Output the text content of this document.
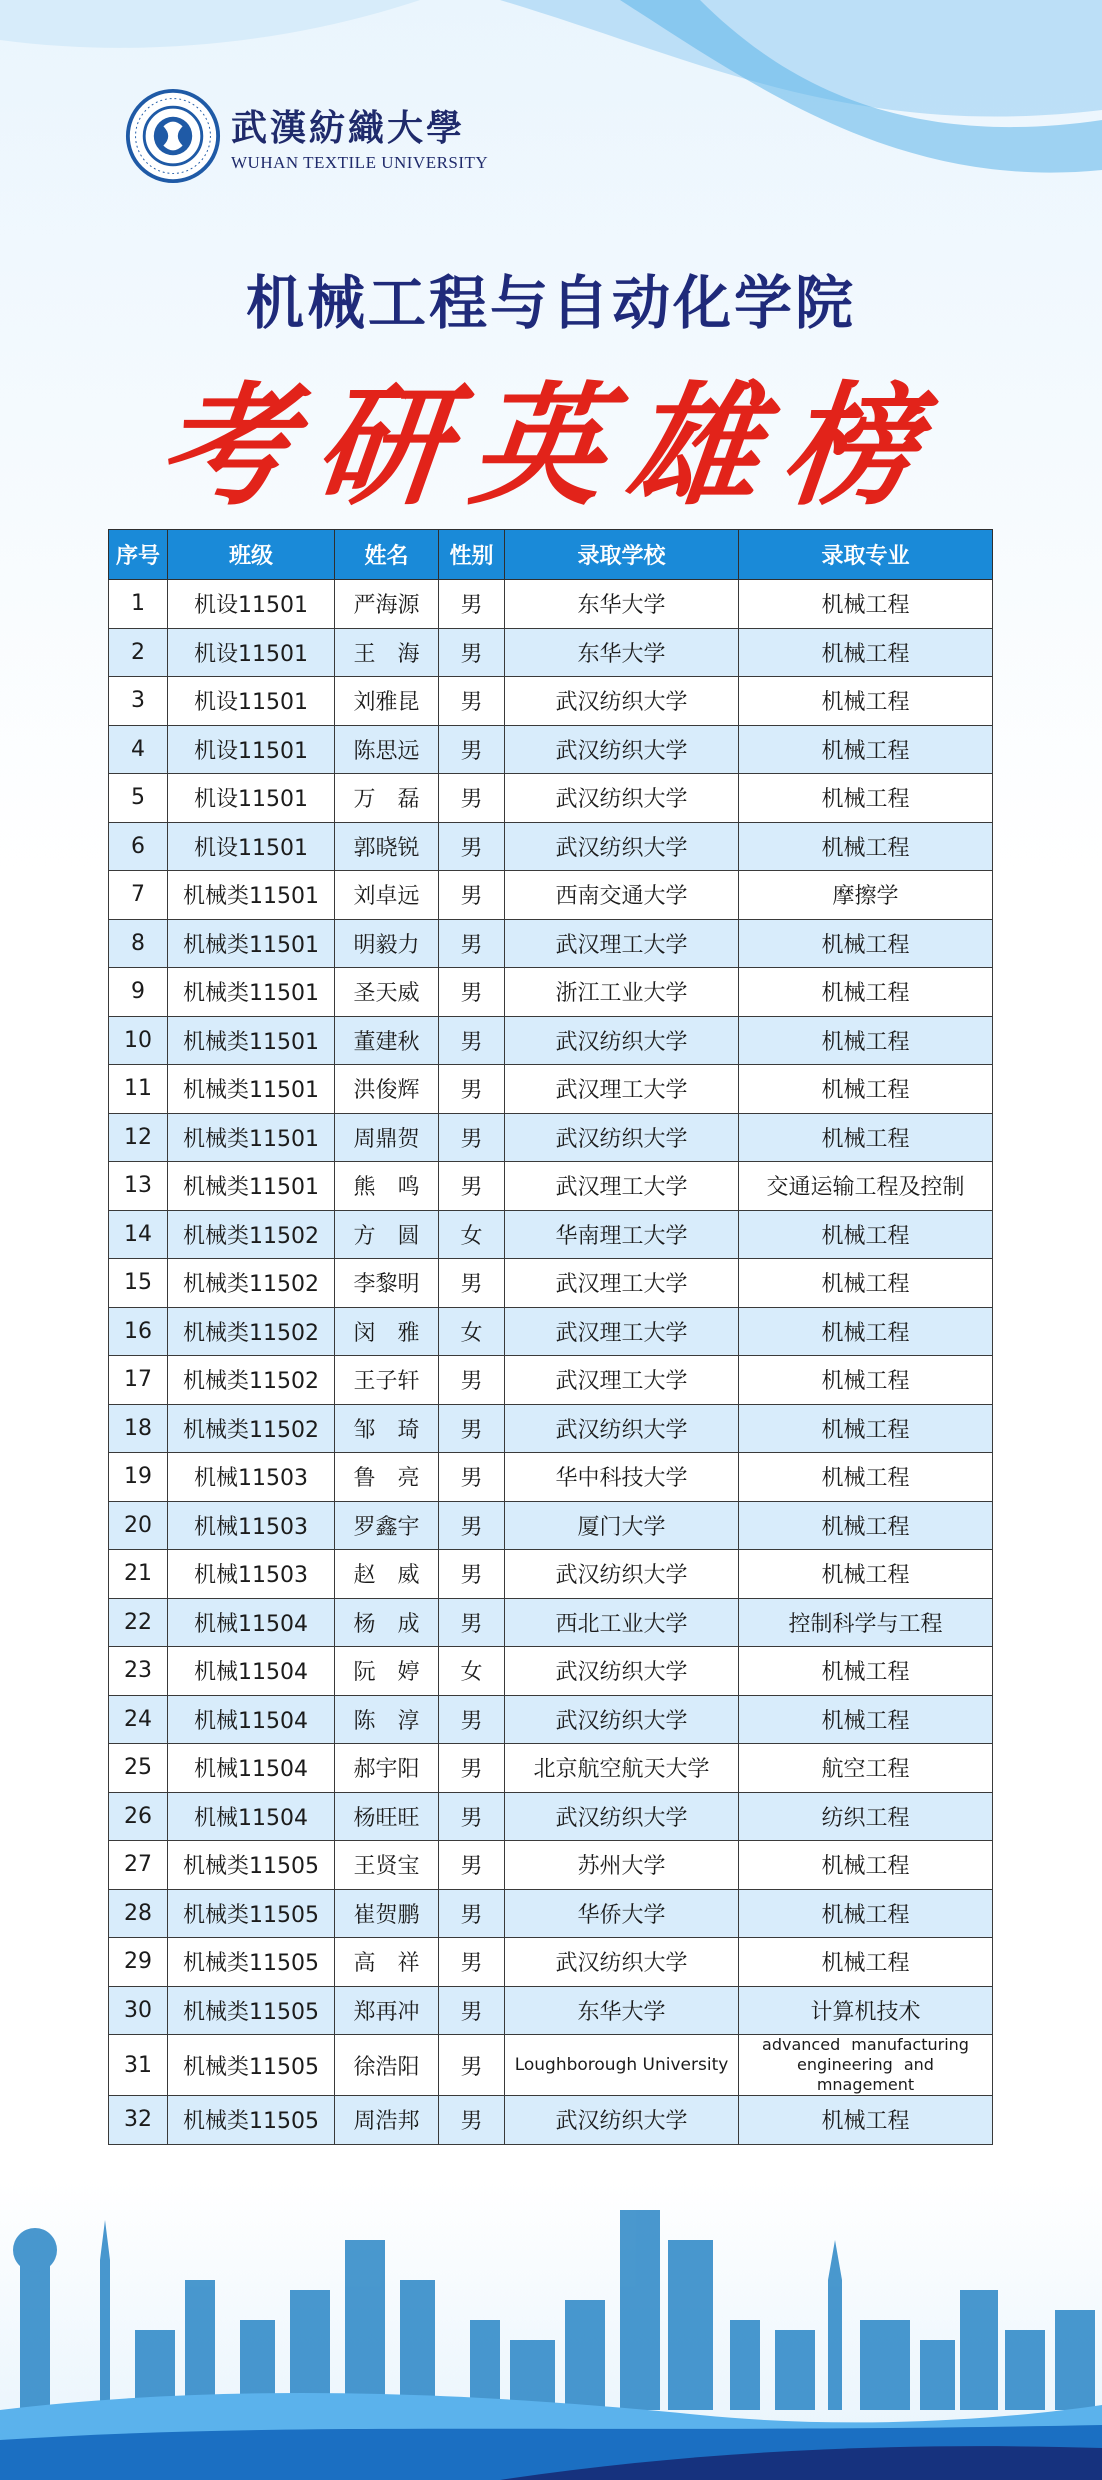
武漢紡織大學
WUHAN TEXTILE UNIVERSITY
机械工程与自动化学院
考研英雄榜
序号	班级	姓名	性别	录取学校	录取专业
1	机设11501	严海源	男	东华大学	机械工程
2	机设11501	王　海	男	东华大学	机械工程
3	机设11501	刘雅昆	男	武汉纺织大学	机械工程
4	机设11501	陈思远	男	武汉纺织大学	机械工程
5	机设11501	万　磊	男	武汉纺织大学	机械工程
6	机设11501	郭晓锐	男	武汉纺织大学	机械工程
7	机械类11501	刘卓远	男	西南交通大学	摩擦学
8	机械类11501	明毅力	男	武汉理工大学	机械工程
9	机械类11501	圣天威	男	浙江工业大学	机械工程
10	机械类11501	董建秋	男	武汉纺织大学	机械工程
11	机械类11501	洪俊辉	男	武汉理工大学	机械工程
12	机械类11501	周鼎贺	男	武汉纺织大学	机械工程
13	机械类11501	熊　鸣	男	武汉理工大学	交通运输工程及控制
14	机械类11502	方　圆	女	华南理工大学	机械工程
15	机械类11502	李黎明	男	武汉理工大学	机械工程
16	机械类11502	闵　雅	女	武汉理工大学	机械工程
17	机械类11502	王子轩	男	武汉理工大学	机械工程
18	机械类11502	邹　琦	男	武汉纺织大学	机械工程
19	机械11503	鲁　亮	男	华中科技大学	机械工程
20	机械11503	罗鑫宇	男	厦门大学	机械工程
21	机械11503	赵　威	男	武汉纺织大学	机械工程
22	机械11504	杨　成	男	西北工业大学	控制科学与工程
23	机械11504	阮　婷	女	武汉纺织大学	机械工程
24	机械11504	陈　淳	男	武汉纺织大学	机械工程
25	机械11504	郝宇阳	男	北京航空航天大学	航空工程
26	机械11504	杨旺旺	男	武汉纺织大学	纺织工程
27	机械类11505	王贤宝	男	苏州大学	机械工程
28	机械类11505	崔贺鹏	男	华侨大学	机械工程
29	机械类11505	高　祥	男	武汉纺织大学	机械工程
30	机械类11505	郑再冲	男	东华大学	计算机技术
31	机械类11505	徐浩阳	男	Loughborough University	advanced manufacturing engineering and mnagement
32	机械类11505	周浩邦	男	武汉纺织大学	机械工程
